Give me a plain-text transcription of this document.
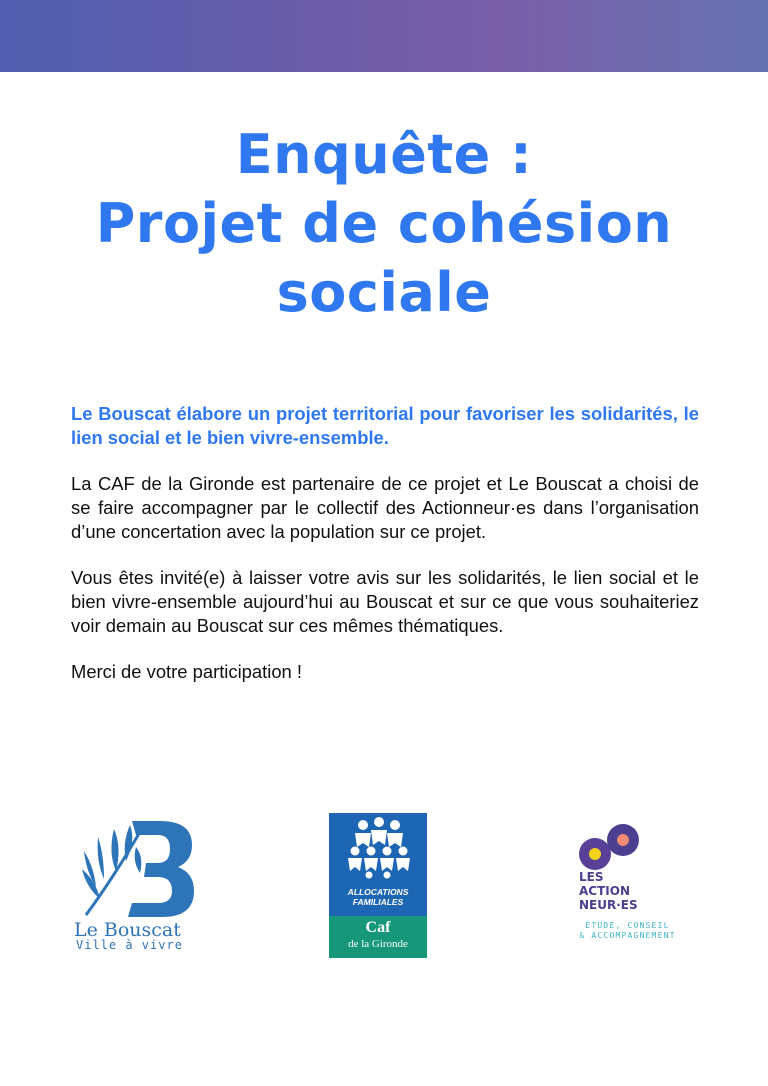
Enquête :
Projet de cohésion
sociale

Le Bouscat élabore un projet territorial pour favoriser les solidarités, le lien social et le bien vivre-ensemble.

La CAF de la Gironde est partenaire de ce projet et Le Bouscat a choisi de se faire accompagner par le collectif des Actionneur·es dans l’organisation d’une concertation avec la population sur ce projet.

Vous êtes invité(e) à laisser votre avis sur les solidarités, le lien social et le bien vivre-ensemble aujourd’hui au Bouscat et sur ce que vous souhaiteriez voir demain au Bouscat sur ces mêmes thématiques.

Merci de votre participation !

Le Bouscat
Ville à vivre
ALLOCATIONS
FAMILIALES
Caf
de la Gironde
LES
ACTION
NEUR·ES
ÉTUDE, CONSEIL
& ACCOMPAGNEMENT
